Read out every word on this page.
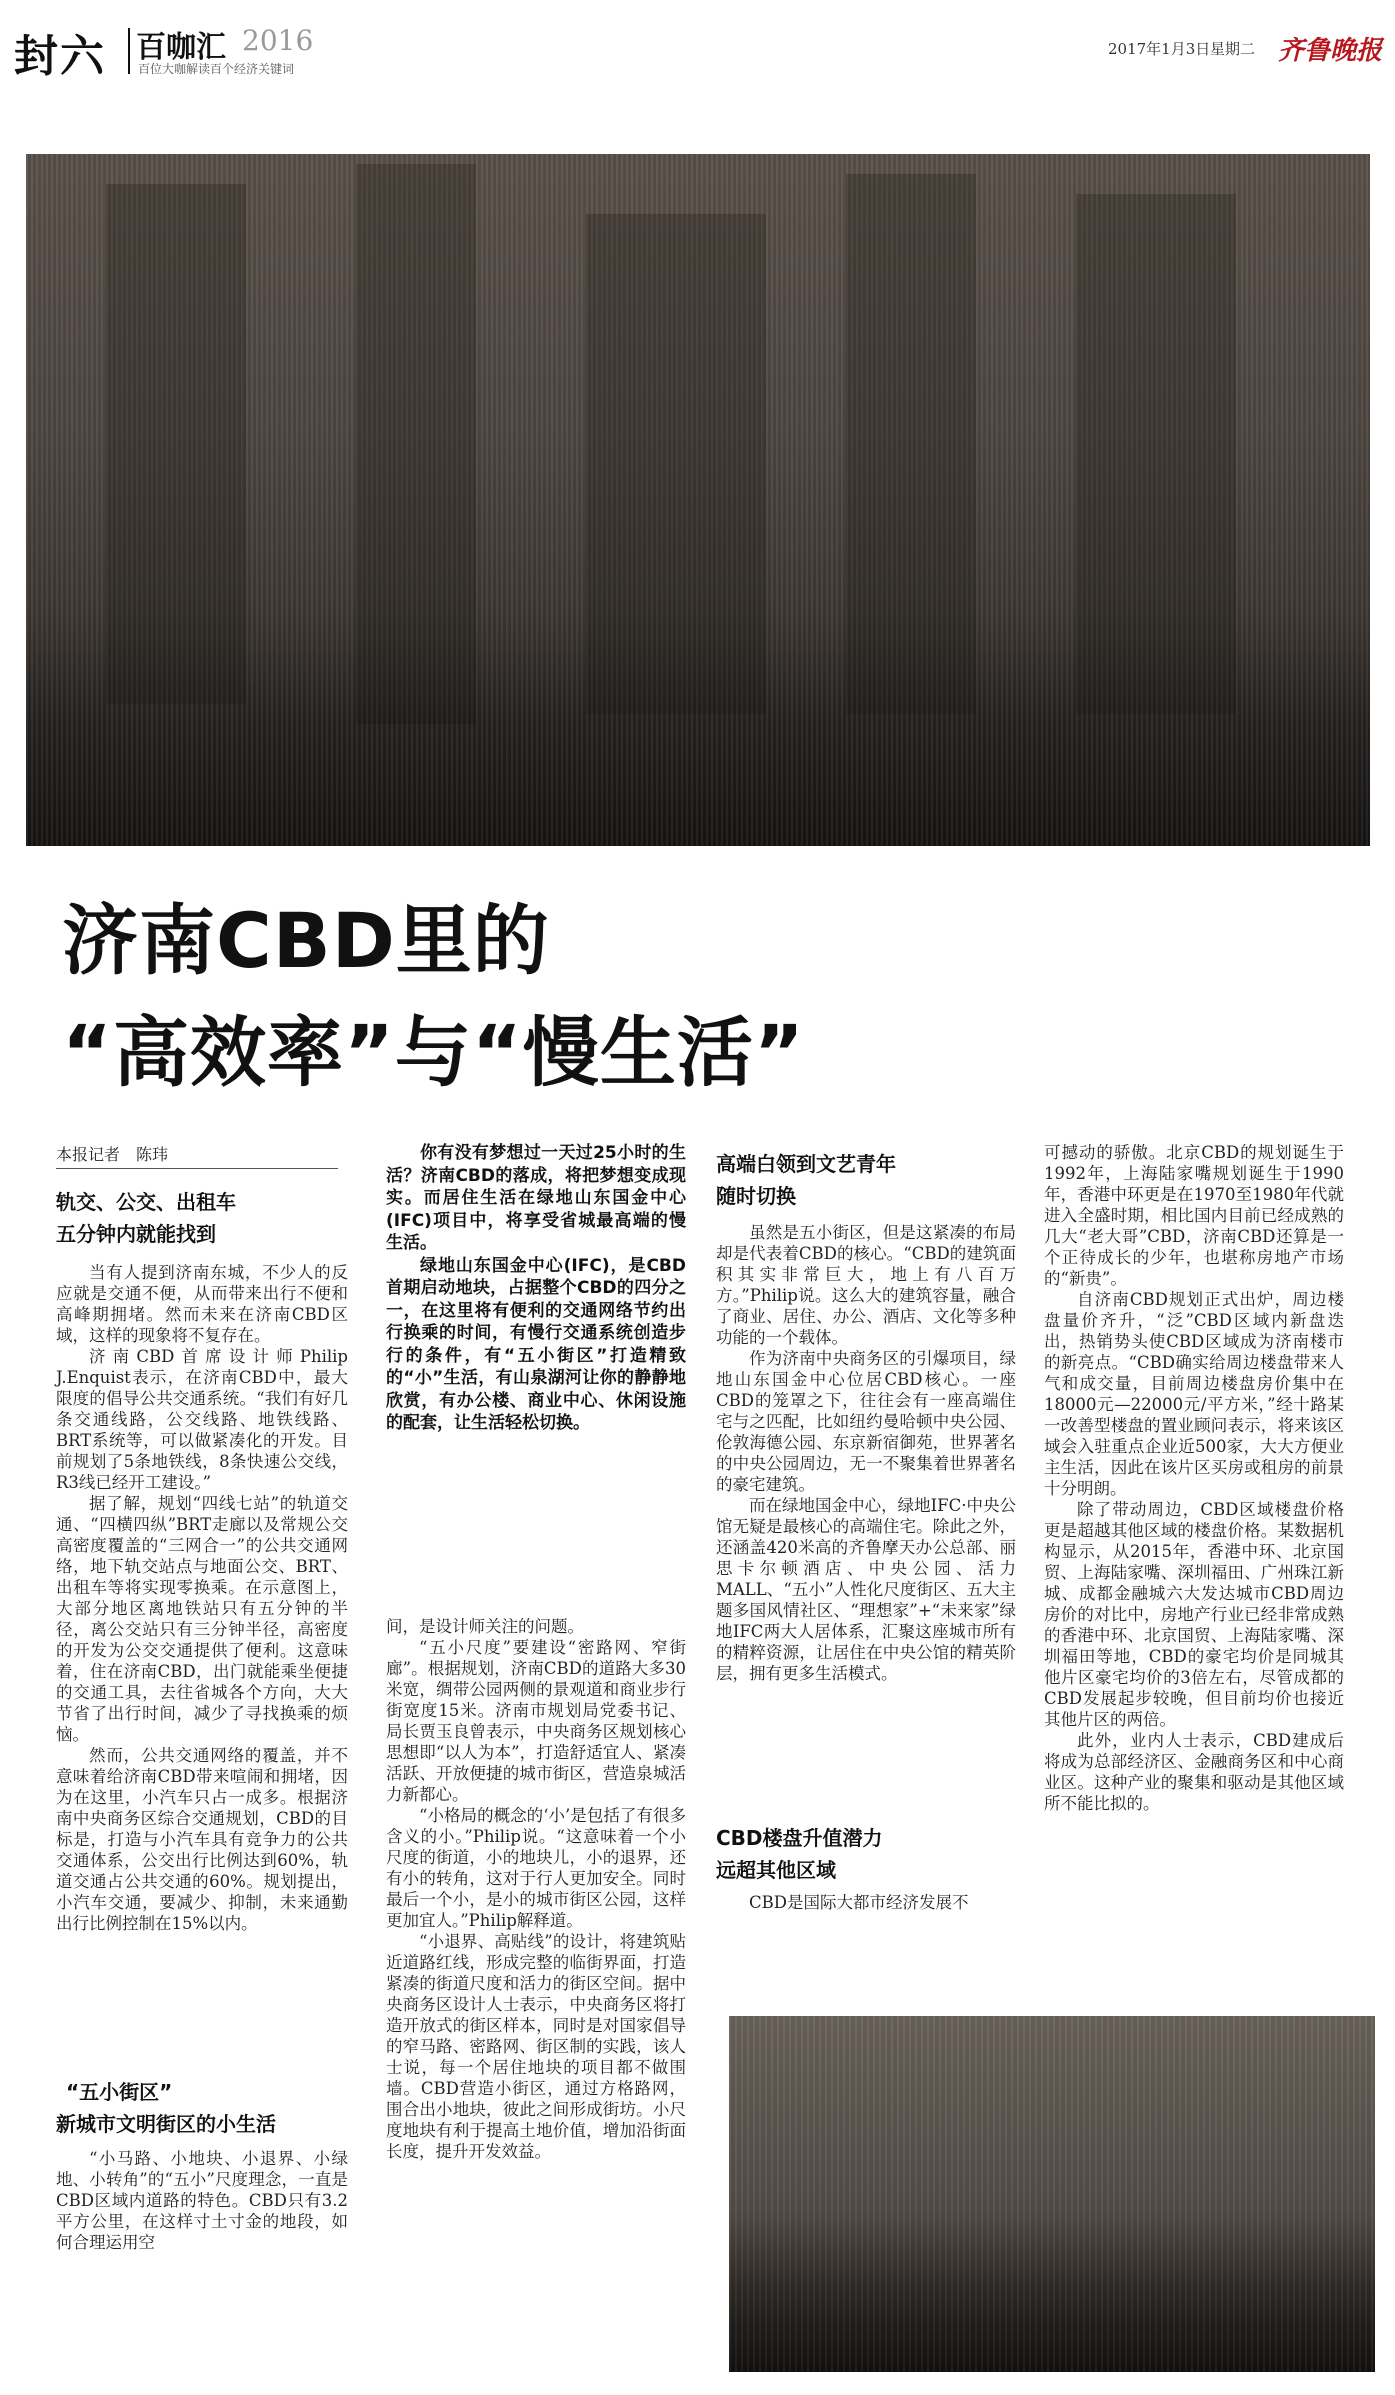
封六 百咖汇 2016
百位大咖解读百个经济关键词
2017年1月3日 星期二 齐鲁晚报
济南CBD里的
“高效率”与“慢生活”
本报记者　陈玮
轨交、公交、出租车
五分钟内就能找到

当有人提到济南东城，不少人的反应就是交通不便，从而带来出行不便和高峰期拥堵。然而未来在济南CBD区域，这样的现象将不复存在。

济南CBD首席设计师Philip J.Enquist表示，在济南CBD中，最大限度的倡导公共交通系统。“我们有好几条交通线路，公交线路、地铁线路、BRT系统等，可以做紧凑化的开发。目前规划了5条地铁线，8条快速公交线，R3线已经开工建设。”

据了解，规划“四线七站”的轨道交通、“四横四纵”BRT走廊以及常规公交高密度覆盖的“三网合一”的公共交通网络，地下轨交站点与地面公交、BRT、出租车等将实现零换乘。在示意图上，大部分地区离地铁站只有五分钟的半径，离公交站只有三分钟半径，高密度的开发为公交交通提供了便利。这意味着，住在济南CBD，出门就能乘坐便捷的交通工具，去往省城各个方向，大大节省了出行时间，减少了寻找换乘的烦恼。

然而，公共交通网络的覆盖，并不意味着给济南CBD带来喧闹和拥堵，因为在这里，小汽车只占一成多。根据济南中央商务区综合交通规划，CBD的目标是，打造与小汽车具有竞争力的公共交通体系，公交出行比例达到60%，轨道交通占公共交通的60%。规划提出，小汽车交通，要减少、抑制，未来通勤出行比例控制在15%以内。

“五小街区”
新城市文明街区的小生活

“小马路、小地块、小退界、小绿地、小转角”的“五小”尺度理念，一直是CBD区域内道路的特色。CBD只有3.2平方公里，在这样寸土寸金的地段，如何合理运用空

你有没有梦想过一天过25小时的生活？济南CBD的落成，将把梦想变成现实。而居住生活在绿地山东国金中心(IFC)项目中，将享受省城最高端的慢生活。

绿地山东国金中心(IFC)，是CBD首期启动地块，占据整个CBD的四分之一，在这里将有便利的交通网络节约出行换乘的时间，有慢行交通系统创造步行的条件，有“五小街区”打造精致的“小”生活，有山泉湖河让你的静静地欣赏，有办公楼、商业中心、休闲设施的配套，让生活轻松切换。

间，是设计师关注的问题。

“五小尺度”要建设“密路网、窄街廊”。根据规划，济南CBD的道路大多30米宽，绸带公园两侧的景观道和商业步行街宽度15米。济南市规划局党委书记、局长贾玉良曾表示，中央商务区规划核心思想即“以人为本”，打造舒适宜人、紧凑活跃、开放便捷的城市街区，营造泉城活力新都心。

“小格局的概念的‘小’是包括了有很多含义的小。”Philip说。“这意味着一个小尺度的街道，小的地块儿，小的退界，还有小的转角，这对于行人更加安全。同时最后一个小，是小的城市街区公园，这样更加宜人。”Philip解释道。

“小退界、高贴线”的设计，将建筑贴近道路红线，形成完整的临街界面，打造紧凑的街道尺度和活力的街区空间。据中央商务区设计人士表示，中央商务区将打造开放式的街区样本，同时是对国家倡导的窄马路、密路网、街区制的实践，该人士说，每一个居住地块的项目都不做围墙。CBD营造小街区，通过方格路网，围合出小地块，彼此之间形成街坊。小尺度地块有利于提高土地价值，增加沿街面长度，提升开发效益。

高端白领到文艺青年
随时切换

虽然是五小街区，但是这紧凑的布局却是代表着CBD的核心。“CBD的建筑面积其实非常巨大，地上有八百万方。”Philip说。这么大的建筑容量，融合了商业、居住、办公、酒店、文化等多种功能的一个载体。

作为济南中央商务区的引爆项目，绿地山东国金中心位居CBD核心。一座CBD的笼罩之下，往往会有一座高端住宅与之匹配，比如纽约曼哈顿中央公园、伦敦海德公园、东京新宿御苑，世界著名的中央公园周边，无一不聚集着世界著名的豪宅建筑。

而在绿地国金中心，绿地IFC·中央公馆无疑是最核心的高端住宅。除此之外，还涵盖420米高的齐鲁摩天办公总部、丽思卡尔顿酒店、中央公园、活力MALL、“五小”人性化尺度街区、五大主题多国风情社区、“理想家”+“未来家”绿地IFC两大人居体系，汇聚这座城市所有的精粹资源，让居住在中央公馆的精英阶层，拥有更多生活模式。

CBD楼盘升值潜力
远超其他区域

CBD是国际大都市经济发展不

可撼动的骄傲。北京CBD的规划诞生于1992年，上海陆家嘴规划诞生于1990年，香港中环更是在1970至1980年代就进入全盛时期，相比国内目前已经成熟的几大“老大哥”CBD，济南CBD还算是一个正待成长的少年，也堪称房地产市场的“新贵”。

自济南CBD规划正式出炉，周边楼盘量价齐升，“泛”CBD区域内新盘迭出，热销势头使CBD区域成为济南楼市的新亮点。“CBD确实给周边楼盘带来人气和成交量，目前周边楼盘房价集中在18000元—22000元/平方米，”经十路某一改善型楼盘的置业顾问表示，将来该区域会入驻重点企业近500家，大大方便业主生活，因此在该片区买房或租房的前景十分明朗。

除了带动周边，CBD区域楼盘价格更是超越其他区域的楼盘价格。某数据机构显示，从2015年，香港中环、北京国贸、上海陆家嘴、深圳福田、广州珠江新城、成都金融城六大发达城市CBD周边房价的对比中，房地产行业已经非常成熟的香港中环、北京国贸、上海陆家嘴、深圳福田等地，CBD的豪宅均价是同城其他片区豪宅均价的3倍左右，尽管成都的CBD发展起步较晚，但目前均价也接近其他片区的两倍。

此外，业内人士表示，CBD建成后将成为总部经济区、金融商务区和中心商业区。这种产业的聚集和驱动是其他区域所不能比拟的。
